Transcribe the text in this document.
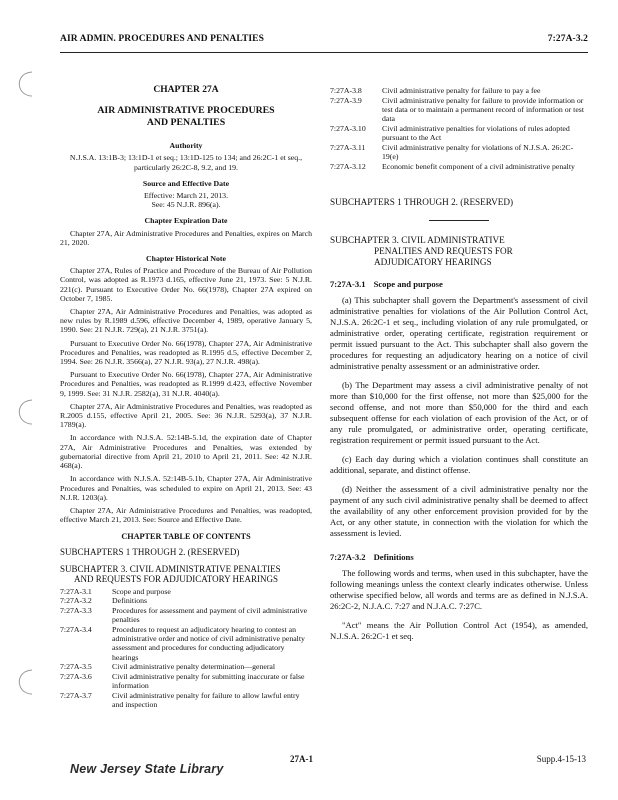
AIR ADMIN. PROCEDURES AND PENALTIES	7:27A-3.2
CHAPTER 27A
AIR ADMINISTRATIVE PROCEDURES
AND PENALTIES
Authority
N.J.S.A. 13:1B-3; 13:1D-1 et seq.; 13:1D-125 to 134; and 26:2C-1 et seq., particularly 26:2C-8, 9.2, and 19.
Source and Effective Date
Effective: March 21, 2013.
See: 45 N.J.R. 896(a).
Chapter Expiration Date

Chapter 27A, Air Administrative Procedures and Penalties, expires on March 21, 2020.

Chapter Historical Note

Chapter 27A, Rules of Practice and Procedure of the Bureau of Air Pollution Control, was adopted as R.1973 d.165, effective June 21, 1973. See: 5 N.J.R. 221(c). Pursuant to Executive Order No. 66(1978), Chapter 27A expired on October 7, 1985.

Chapter 27A, Air Administrative Procedures and Penalties, was adopted as new rules by R.1989 d.596, effective December 4, 1989, operative January 5, 1990. See: 21 N.J.R. 729(a), 21 N.J.R. 3751(a).

Pursuant to Executive Order No. 66(1978), Chapter 27A, Air Administrative Procedures and Penalties, was readopted as R.1995 d.5, effective December 2, 1994. See: 26 N.J.R. 3566(a), 27 N.J.R. 93(a), 27 N.J.R. 498(a).

Pursuant to Executive Order No. 66(1978), Chapter 27A, Air Administrative Procedures and Penalties, was readopted as R.1999 d.423, effective November 9, 1999. See: 31 N.J.R. 2582(a), 31 N.J.R. 4040(a).

Chapter 27A, Air Administrative Procedures and Penalties, was readopted as R.2005 d.155, effective April 21, 2005. See: 36 N.J.R. 5293(a), 37 N.J.R. 1789(a).

In accordance with N.J.S.A. 52:14B-5.1d, the expiration date of Chapter 27A, Air Administrative Procedures and Penalties, was extended by gubernatorial directive from April 21, 2010 to April 21, 2011. See: 42 N.J.R. 468(a).

In accordance with N.J.S.A. 52:14B-5.1b, Chapter 27A, Air Administrative Procedures and Penalties, was scheduled to expire on April 21, 2013. See: 43 N.J.R. 1203(a).

Chapter 27A, Air Administrative Procedures and Penalties, was readopted, effective March 21, 2013. See: Source and Effective Date.

CHAPTER TABLE OF CONTENTS
SUBCHAPTERS 1 THROUGH 2. (RESERVED)
SUBCHAPTER 3. CIVIL ADMINISTRATIVE PENALTIES
AND REQUESTS FOR ADJUDICATORY HEARINGS
7:27A-3.1	Scope and purpose
7:27A-3.2	Definitions
7:27A-3.3	Procedures for assessment and payment of civil administrative penalties
7:27A-3.4	Procedures to request an adjudicatory hearing to contest an administrative order and notice of civil administrative penalty assessment and procedures for conducting adjudicatory hearings
7:27A-3.5	Civil administrative penalty determination—general
7:27A-3.6	Civil administrative penalty for submitting inaccurate or false information
7:27A-3.7	Civil administrative penalty for failure to allow lawful entry and inspection
7:27A-3.8	Civil administrative penalty for failure to pay a fee
7:27A-3.9	Civil administrative penalty for failure to provide information or test data or to maintain a permanent record of information or test data
7:27A-3.10	Civil administrative penalties for violations of rules adopted pursuant to the Act
7:27A-3.11	Civil administrative penalty for violations of N.J.S.A. 26:2C-19(e)
7:27A-3.12	Economic benefit component of a civil administrative penalty
SUBCHAPTERS 1 THROUGH 2. (RESERVED)
SUBCHAPTER 3. CIVIL ADMINISTRATIVE
PENALTIES AND REQUESTS FOR
ADJUDICATORY HEARINGS
7:27A-3.1 Scope and purpose

(a) This subchapter shall govern the Department's assessment of civil administrative penalties for violations of the Air Pollution Control Act, N.J.S.A. 26:2C-1 et seq., including violation of any rule promulgated, or administrative order, operating certificate, registration requirement or permit issued pursuant to the Act. This subchapter shall also govern the procedures for requesting an adjudicatory hearing on a notice of civil administrative penalty assessment or an administrative order.

(b) The Department may assess a civil administrative penalty of not more than $10,000 for the first offense, not more than $25,000 for the second offense, and not more than $50,000 for the third and each subsequent offense for each violation of each provision of the Act, or of any rule promulgated, or administrative order, operating certificate, registration requirement or permit issued pursuant to the Act.

(c) Each day during which a violation continues shall constitute an additional, separate, and distinct offense.

(d) Neither the assessment of a civil administrative penalty nor the payment of any such civil administrative penalty shall be deemed to affect the availability of any other enforcement provision provided for by the Act, or any other statute, in connection with the violation for which the assessment is levied.

7:27A-3.2 Definitions

The following words and terms, when used in this subchapter, have the following meanings unless the context clearly indicates otherwise. Unless otherwise specified below, all words and terms are as defined in N.J.S.A. 26:2C-2, N.J.A.C. 7:27 and N.J.A.C. 7:27C.

"Act" means the Air Pollution Control Act (1954), as amended, N.J.S.A. 26:2C-1 et seq.

New Jersey State Library
27A-1	Supp.4-15-13
